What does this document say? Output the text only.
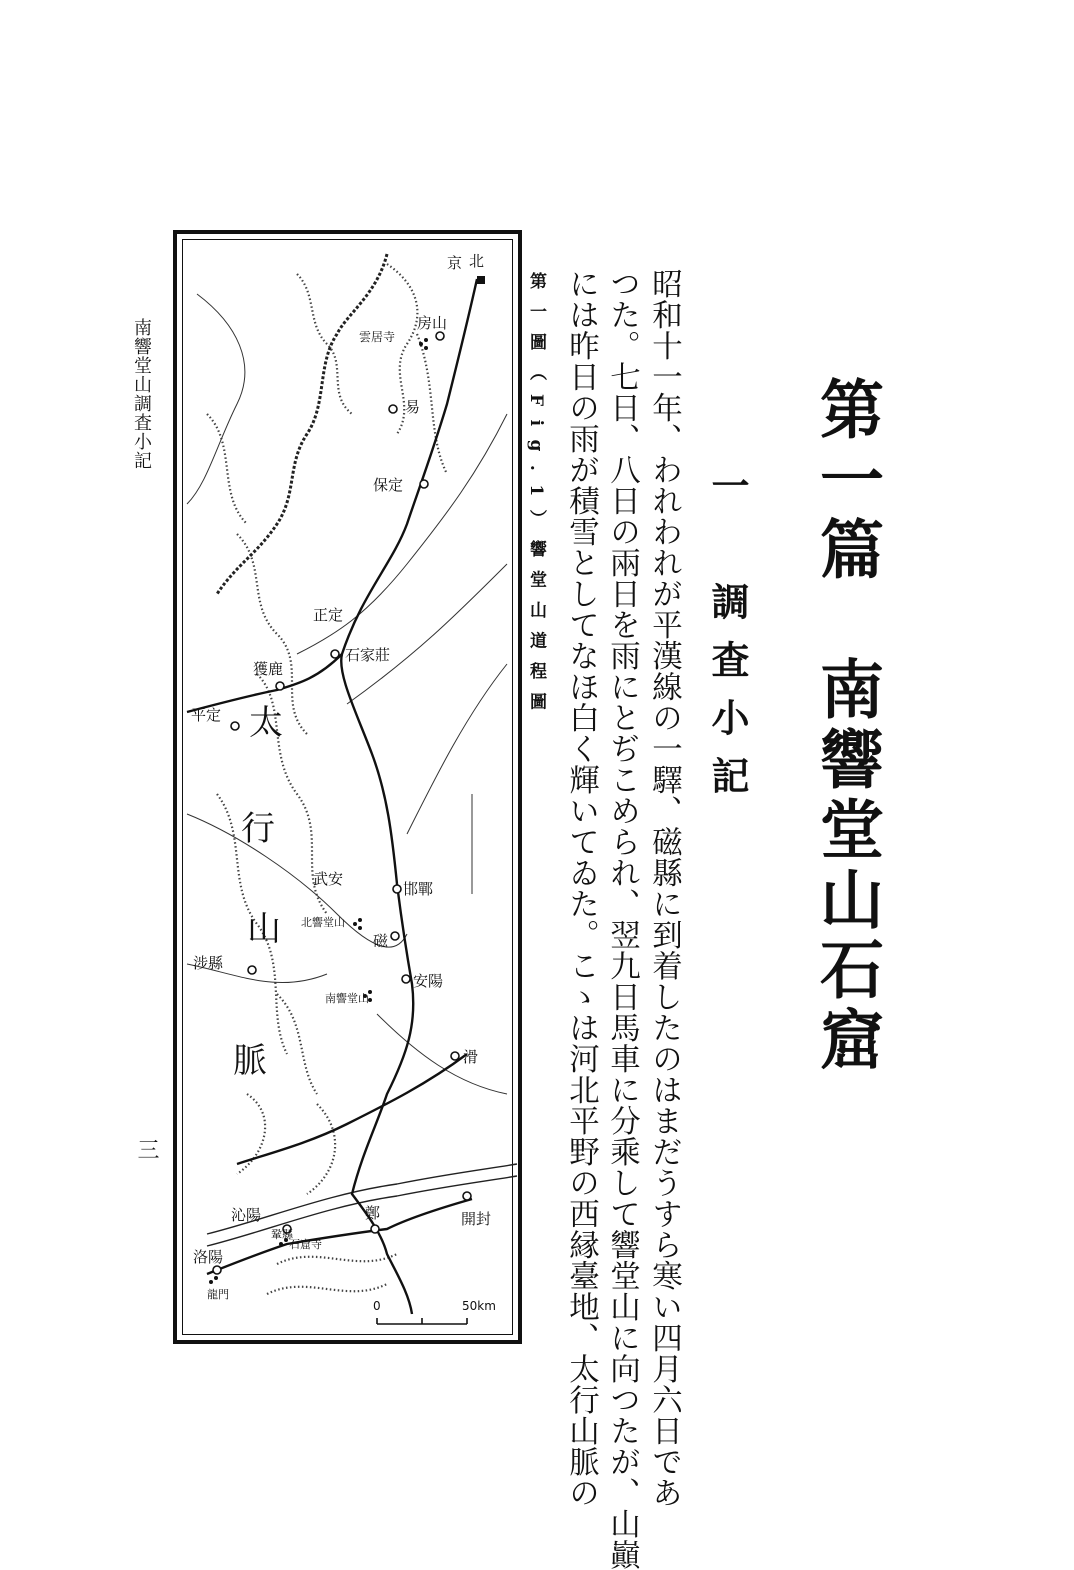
第一篇　南響堂山石窟
一　調査小記
昭和十一年、われわれが平漢線の一驛、磁縣に到着したのはまだうすら寒い四月六日であ
つた。七日、八日の兩日を雨にとぢこめられ、翌九日馬車に分乘して響堂山に向つたが、山巓
には昨日の雨が積雪としてなほ白く輝いてゐた。こゝは河北平野の西縁臺地、太行山脈の
第一圖（Fig.1）響堂山道程圖
南響堂山調査小記
三
0	50km
北
京
房山
雲居寺
易
保定
正定
石家莊
獲鹿
平定
武安
邯鄲
北響堂山
磁
涉縣
南響堂山
安陽
滑
沁陽	鄭	開封
洛陽
石窟寺
龍門
鞏縣
太
行
山
脈
